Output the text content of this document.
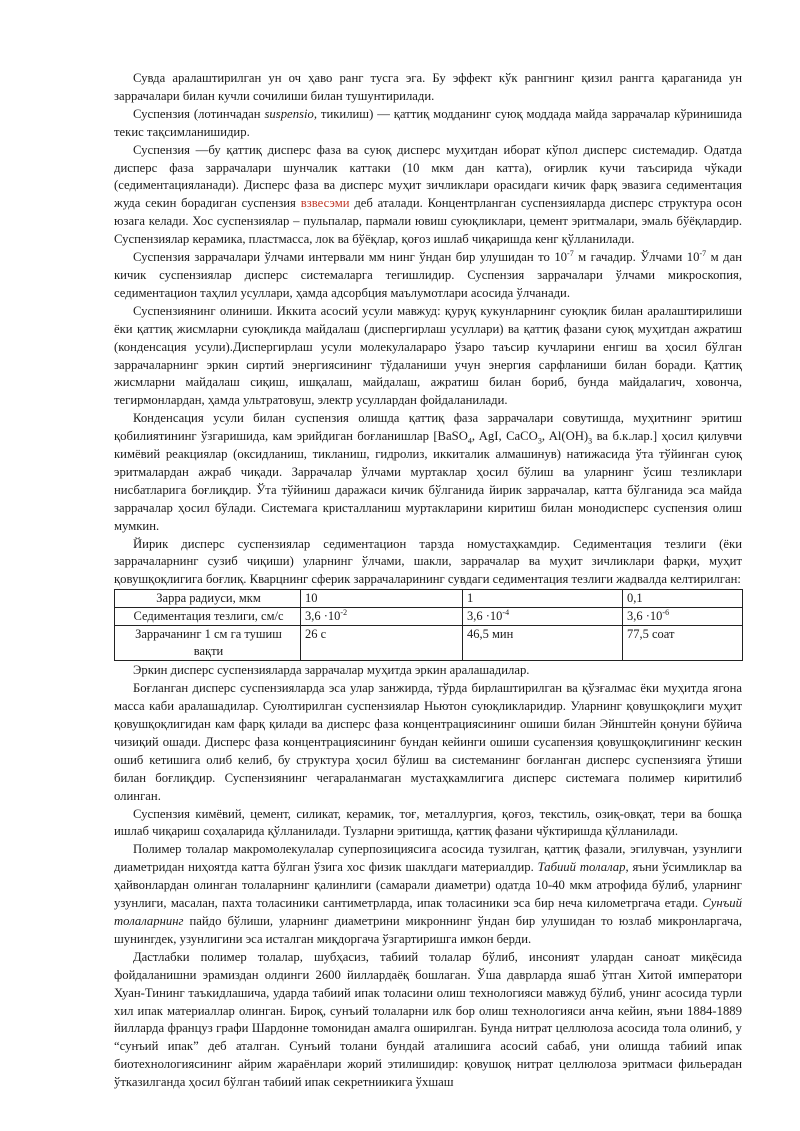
Сувда аралаштирилган ун оч ҳаво ранг тусга эга. Бу эффект кўк рангнинг қизил рангга қараганида ун заррачалари билан кучли сочилиши билан тушунтирилади.

Суспензия (лотинчадан suspensio, тикилиш) — қаттиқ модданинг суюқ моддада майда заррачалар кўринишида текис тақсимланишидир.

Суспензия —бу қаттиқ дисперс фаза ва суюқ дисперс муҳитдан иборат кўпол дисперс системадир. Одатда дисперс фаза заррачалари шунчалик каттаки (10 мкм дан катта), оғирлик кучи таъсирида чўкади (седиментацияланади). Дисперс фаза ва дисперс муҳит зичликлари орасидаги кичик фарқ эвазига седиментация жуда секин борадиган суспензия взвесэми деб аталади. Концентрланган суспензияларда дисперс структура осон юзага келади. Хос суспензиялар – пульпалар, пармали ювиш суюқликлари, цемент эритмалари, эмаль бўёқлардир. Суспензиялар керамика, пластмасса, лок ва бўёқлар, қоғоз ишлаб чиқаришда кенг қўлланилади.

Суспензия заррачалари ўлчами интервали мм нинг ўндан бир улушидан то $10^{-7}$ м гачадир. Ўлчами $10^{-7}$ м дан кичик суспензиялар дисперс системаларга тегишлидир. Суспензия заррачалари ўлчами микроскопия, седиментацион таҳлил усуллари, ҳамда адсорбция маълумотлари асосида ўлчанади.

Суспензиянинг олиниши. Иккита асосий усули мавжуд: қуруқ кукунларнинг суюқлик билан аралаштирилиши ёки қаттиқ жисмларни суюқликда майдалаш (диспергирлаш усуллари) ва қаттиқ фазани суюқ муҳитдан ажратиш (конденсация усули).Диспергирлаш усули молекулалараро ўзаро таъсир кучларини енгиш ва ҳосил бўлган заррачаларнинг эркин сиртий энергиясининг тўдаланиши учун энергия сарфланиши билан боради. Қаттиқ жисмларни майдалаш сиқиш, ишқалаш, майдалаш, ажратиш билан бориб, бунда майдалагич, ховонча, тегирмонлардан, ҳамда ультратовуш, электр усуллардан фойдаланилади.

Конденсация усули билан суспензия олишда қаттиқ фаза заррачалари совутишда, муҳитнинг эритиш қобилиятининг ўзгаришида, кам эрийдиган боғланишлар [BaSO$_4$, AgI, CaCO$_3$, $Al(OH)_3$ ва б.к.лар.] ҳосил қилувчи кимёвий реакциялар (оксидланиш, тикланиш, гидролиз, иккиталик алмашинув) натижасида ўта тўйинган суюқ эритмалардан ажраб чиқади. Заррачалар ўлчами муртаклар ҳосил бўлиш ва уларнинг ўсиш тезликлари нисбатларига боғлиқдир. Ўта тўйиниш даражаси кичик бўлганида йирик заррачалар, катта бўлганида эса майда заррачалар ҳосил бўлади. Системага кристалланиш муртакларини киритиш билан монодисперс суспензия олиш мумкин.

Йирик дисперс суспензиялар седиментацион тарзда номустаҳкамдир. Седиментация тезлиги (ёки заррачаларнинг сузиб чиқиши) уларнинг ўлчами, шакли, заррачалар ва муҳит зичликлари фарқи, муҳит қовушқоқлигига боғлиқ. Кварцнинг сферик заррачаларининг сувдаги седиментация тезлиги жадвалда келтирилган:

Зарра радиуси, мкм	10	1	0,1
Седиментация тезлиги, см/с	$3,6 \cdot 10^{-2}$	$3,6 \cdot 10^{-4}$	$3,6 \cdot 10^{-6}$
Заррачанинг 1 см га тушиш вақти	26 с	46,5 мин	77,5 соат

Эркин дисперс суспензияларда заррачалар муҳитда эркин аралашадилар.

Боғланган дисперс суспензияларда эса улар занжирда, тўрда бирлаштирилган ва қўзғалмас ёки муҳитда ягона масса каби аралашадилар. Суюлтирилган суспензиялар Ньютон суюқликларидир. Уларнинг қовушқоқлиги муҳит қовушқоқлигидан кам фарқ қилади ва дисперс фаза концентрациясининг ошиши билан Эйнштейн қонуни бўйича чизиқий ошади. Дисперс фаза концентрациясининг бундан кейинги ошиши сусапензия қовушқоқлигининг кескин ошиб кетишига олиб келиб, бу структура ҳосил бўлиш ва системанинг боғланган дисперс суспензияга ўтиши билан боғлиқдир. Суспензиянинг чегараланмаган мустаҳкамлигига дисперс системага полимер киритилиб олинган.

Суспензия кимёвий, цемент, силикат, керамик, тоғ, металлургия, қоғоз, текстиль, озиқ-овқат, тери ва бошқа ишлаб чиқариш соҳаларида қўлланилади. Тузларни эритишда, қаттиқ фазани чўктиришда қўлланилади.

Полимер толалар макромолекулалар суперпозициясига асосида тузилган, қаттиқ фазали, эгилувчан, узунлиги диаметридан ниҳоятда катта бўлган ўзига хос физик шаклдаги материалдир. Табиий толалар, яъни ўсимликлар ва ҳайвонлардан олинган толаларнинг қалинлиги (самарали диаметри) одатда 10-40 мкм атрофида бўлиб, уларнинг узунлиги, масалан, пахта толасиники сантиметрларда, ипак толасиники эса бир неча километргача етади. Сунъий толаларнинг пайдо бўлиши, уларнинг диаметрини микроннинг ўндан бир улушидан то юзлаб микронларгача, шунингдек, узунлигини эса исталган миқдоргача ўзгартиришга имкон берди.

Дастлабки полимер толалар, шубҳасиз, табиий толалар бўлиб, инсоният улардан саноат миқёсида фойдаланишни эрамиздан олдинги 2600 йиллардаёқ бошлаган. Ўша даврларда яшаб ўтган Хитой императори Хуан-Тининг таъкидлашича, ударда табиий ипак толасини олиш технологияси мавжуд бўлиб, унинг асосида турли хил ипак материаллар олинган. Бироқ, сунъий толаларни илк бор олиш технологияси анча кейин, яъни 1884-1889 йилларда француз графи Шардонне томонидан амалга оширилган. Бунда нитрат целлюлоза асосида тола олиниб, у “сунъий ипак” деб аталган. Сунъий толани бундай аталишига асосий сабаб, уни олишда табиий ипак биотехнологиясининг айрим жараёнлари жорий этилишидир: қовушоқ нитрат целлюлоза эритмаси фильерадан ўтказилганда ҳосил бўлган табиий ипак секретниикига ўхшаш
